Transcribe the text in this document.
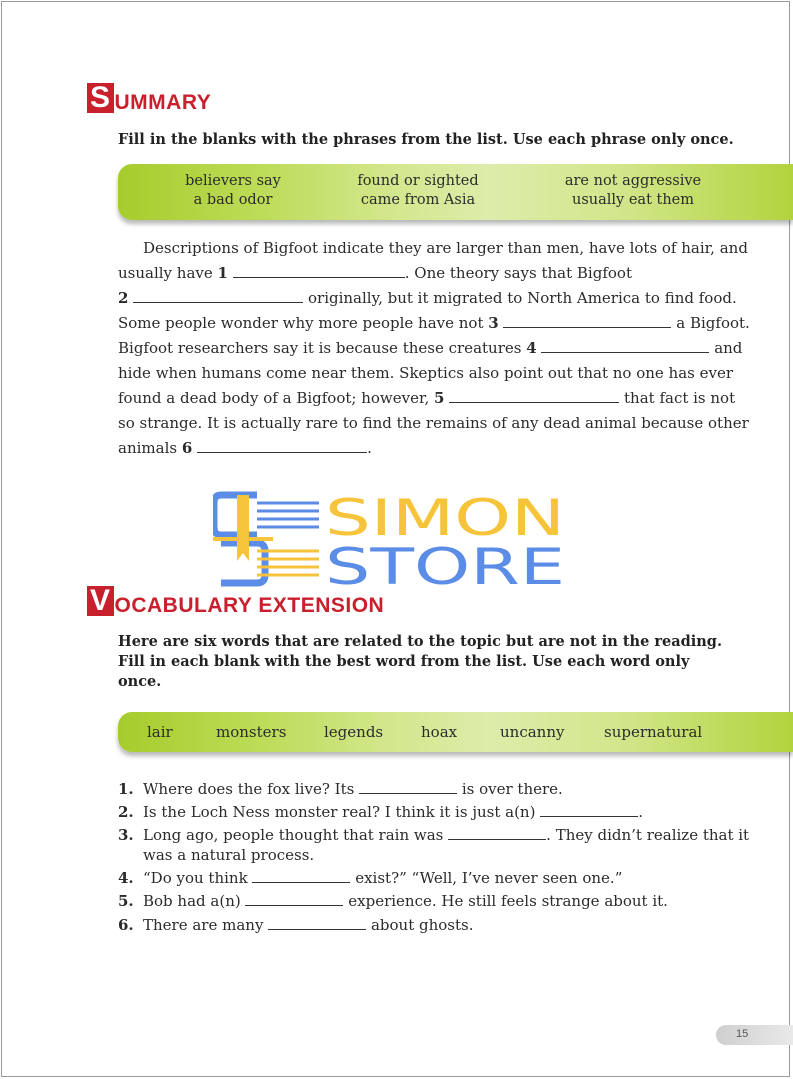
S UMMARY
Fill in the blanks with the phrases from the list. Use each phrase only once.
believers say
a bad odor
found or sighted
came from Asia
are not aggressive
usually eat them
Descriptions of Bigfoot indicate they are larger than men, have lots of hair, and
usually have 1	. One theory says that Bigfoot
2	originally, but it migrated to North America to find food.
Some people wonder why more people have not 3	a Bigfoot.
Bigfoot researchers say it is because these creatures 4	and
hide when humans come near them. Skeptics also point out that no one has ever
found a dead body of a Bigfoot; however, 5	that fact is not
so strange. It is actually rare to find the remains of any dead animal because other
animals 6	.
SIMON
STORE
V OCABULARY EXTENSION
Here are six words that are related to the topic but are not in the reading.
Fill in each blank with the best word from the list. Use each word only
once.
lair	monsters	legends	hoax	uncanny	supernatural
1. Where does the fox live? Its	is over there.
2. Is the Loch Ness monster real? I think it is just a(n)	.
3. Long ago, people thought that rain was	. They didn’t realize that it
was a natural process.
4. “Do you think	exist?” “Well, I’ve never seen one.”
5. Bob had a(n)	experience. He still feels strange about it.
6. There are many	about ghosts.
15
